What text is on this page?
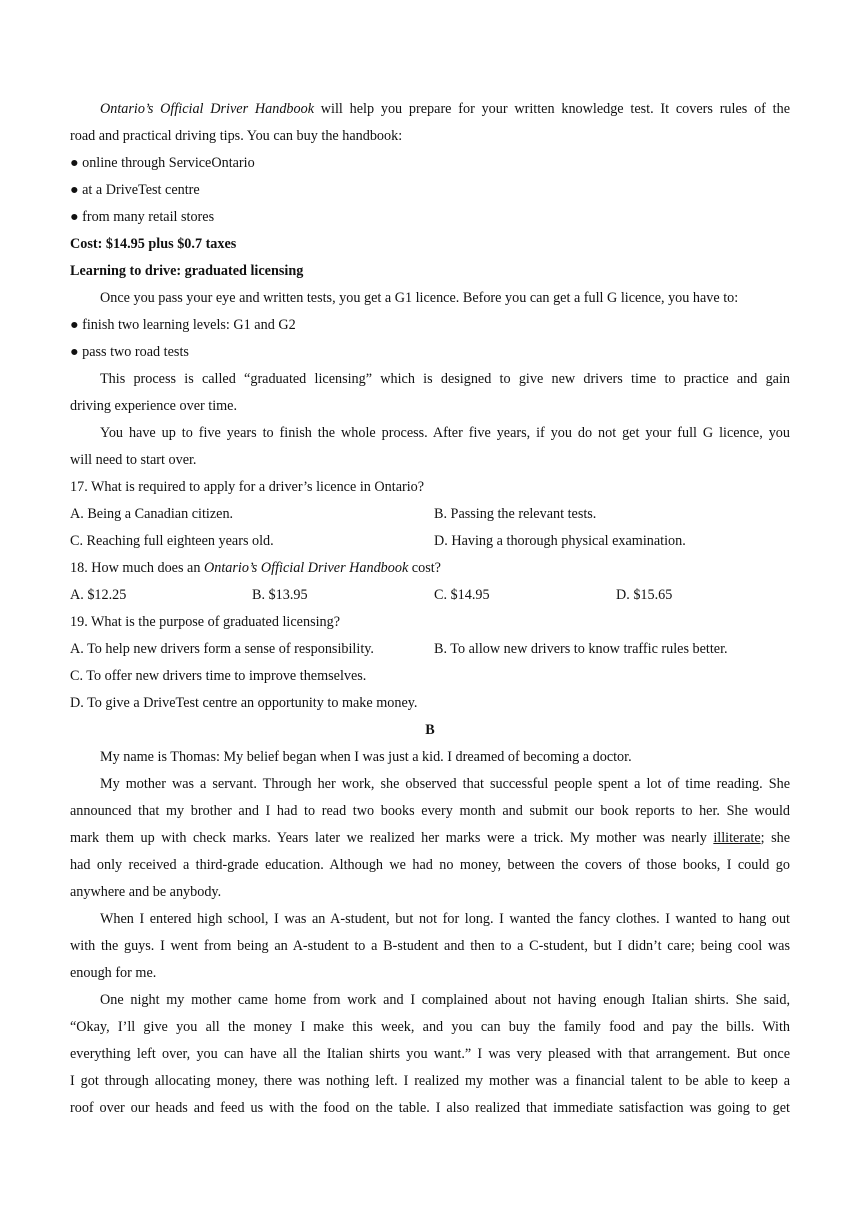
Ontario’s Official Driver Handbook will help you prepare for your written knowledge test. It covers rules of the
road and practical driving tips. You can buy the handbook:
● online through ServiceOntario
● at a DriveTest centre
● from many retail stores
Cost: $14.95 plus $0.7 taxes
Learning to drive: graduated licensing
Once you pass your eye and written tests, you get a G1 licence. Before you can get a full G licence, you have to:
● finish two learning levels: G1 and G2
● pass two road tests
This process is called “graduated licensing” which is designed to give new drivers time to practice and gain
driving experience over time.
You have up to five years to finish the whole process. After five years, if you do not get your full G licence, you
will need to start over.
17. What is required to apply for a driver’s licence in Ontario?
A. Being a Canadian citizen.	B. Passing the relevant tests.
C. Reaching full eighteen years old.	D. Having a thorough physical examination.
18. How much does an Ontario’s Official Driver Handbook cost?
A. $12.25	B. $13.95	C. $14.95	D. $15.65
19. What is the purpose of graduated licensing?
A. To help new drivers form a sense of responsibility.	B. To allow new drivers to know traffic rules better.
C. To offer new drivers time to improve themselves.
D. To give a DriveTest centre an opportunity to make money.
B
My name is Thomas: My belief began when I was just a kid. I dreamed of becoming a doctor.
My mother was a servant. Through her work, she observed that successful people spent a lot of time reading. She
announced that my brother and I had to read two books every month and submit our book reports to her. She would
mark them up with check marks. Years later we realized her marks were a trick. My mother was nearly illiterate; she
had only received a third-grade education. Although we had no money, between the covers of those books, I could go
anywhere and be anybody.
When I entered high school, I was an A-student, but not for long. I wanted the fancy clothes. I wanted to hang out
with the guys. I went from being an A-student to a B-student and then to a C-student, but I didn’t care; being cool was
enough for me.
One night my mother came home from work and I complained about not having enough Italian shirts. She said,
“Okay, I’ll give you all the money I make this week, and you can buy the family food and pay the bills. With
everything left over, you can have all the Italian shirts you want.” I was very pleased with that arrangement. But once
I got through allocating money, there was nothing left. I realized my mother was a financial talent to be able to keep a
roof over our heads and feed us with the food on the table. I also realized that immediate satisfaction was going to get
